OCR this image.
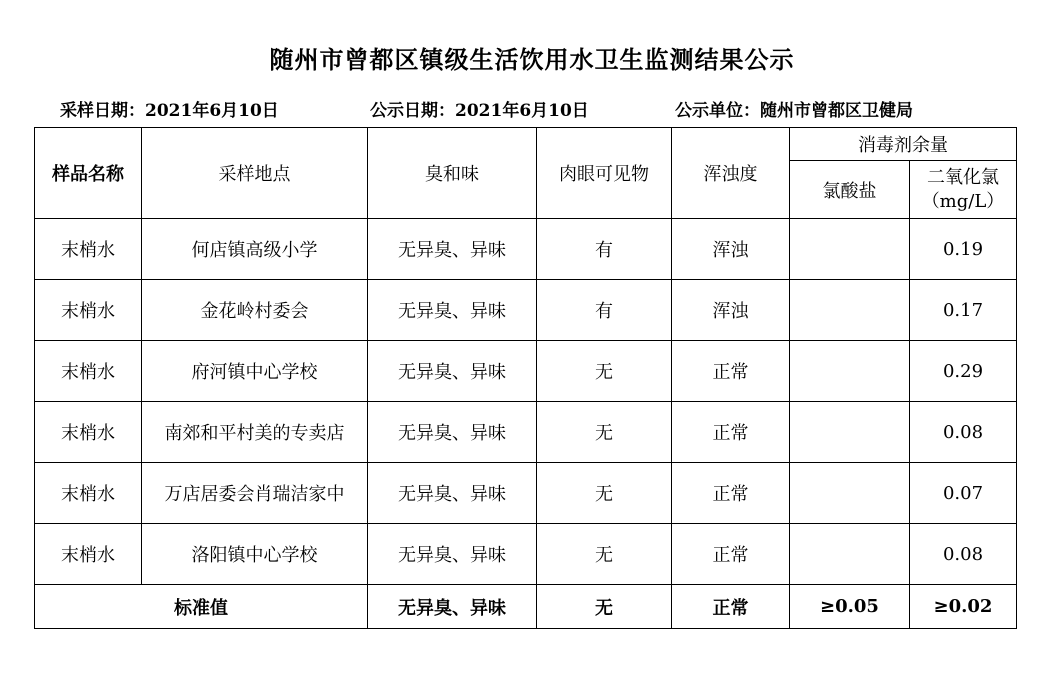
随州市曾都区镇级生活饮用水卫生监测结果公示
采样日期：2021年6月10日	公示日期：2021年6月10日	公示单位：随州市曾都区卫健局
样品名称	采样地点	臭和味	肉眼可见物	浑浊度	消毒剂余量	
					氯酸盐	二氧化氯
（mg/L）

末梢水	何店镇高级小学	无异臭、异味	有	浑浊		0.19
末梢水	金花岭村委会	无异臭、异味	有	浑浊		0.17
末梢水	府河镇中心学校	无异臭、异味	无	正常		0.29
末梢水	南郊和平村美的专卖店	无异臭、异味	无	正常		0.08
末梢水	万店居委会肖瑞洁家中	无异臭、异味	无	正常		0.07
末梢水	洛阳镇中心学校	无异臭、异味	无	正常		0.08
标准值		无异臭、异味	无	正常	≥0.05	≥0.02
